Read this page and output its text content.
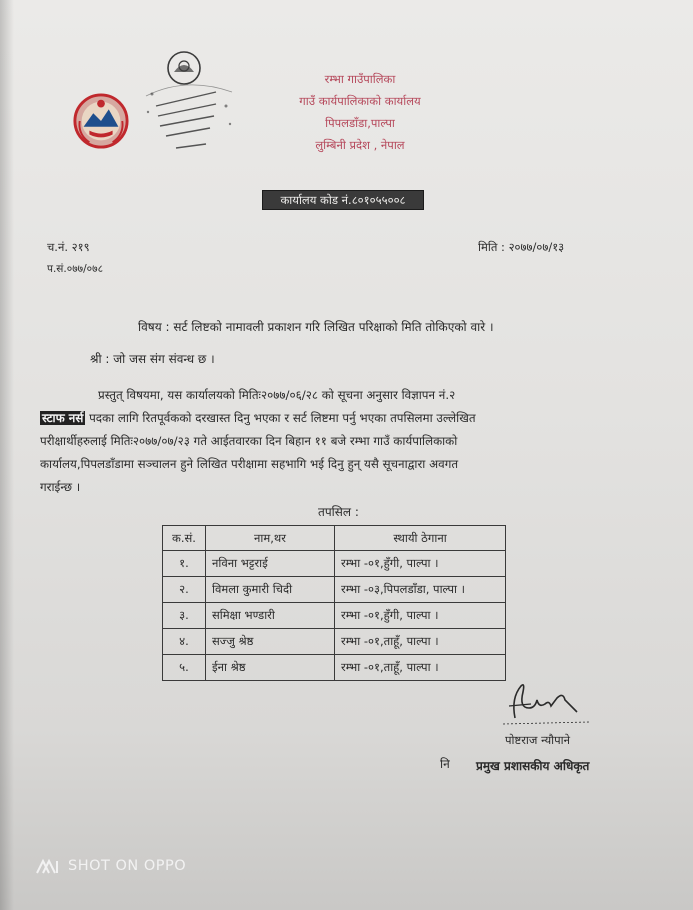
रम्भा गाउँपालिका
गाउँ कार्यपालिकाको कार्यालय
पिपलडाँडा,पाल्पा
लुम्बिनी प्रदेश , नेपाल
कार्यालय कोड नं.८०१०५५००८
च.नं. २१९
प.सं.०७७/०७८
मिति : २०७७/०७/१३
विषय : सर्ट लिष्टको नामावली प्रकाशन गरि लिखित परिक्षाको मिति तोकिएको वारे ।
श्री : जो जस संग संवन्ध छ ।
प्रस्तुत् विषयमा, यस कार्यालयको मितिः२०७७/०६/२८ को सूचना अनुसार विज्ञापन नं.२
स्टाफ नर्स पदका लागि रितपूर्वकको दरखास्त दिनु भएका र सर्ट लिष्टमा पर्नु भएका तपसिलमा उल्लेखित
परीक्षार्थीहरुलाई मितिः२०७७/०७/२३ गते आईतवारका दिन बिहान ११ बजे रम्भा गाउँ कार्यपालिकाको
कार्यालय,पिपलडाँडामा सञ्चालन हुने लिखित परीक्षामा सहभागि भई दिनु हुन् यसै सूचनाद्वारा अवगत
गराईन्छ ।
तपसिल :
क.सं.	नाम,थर	स्थायी ठेगाना
१.	नविना भट्टराई	रम्भा -०१,हुँगी, पाल्पा ।
२.	विमला कुमारी चिदी	रम्भा -०३,पिपलडाँडा, पाल्पा ।
३.	समिक्षा भण्डारी	रम्भा -०१,हुँगी, पाल्पा ।
४.	सज्जु श्रेष्ठ	रम्भा -०१,ताहूँ, पाल्पा ।
५.	ईना श्रेष्ठ	रम्भा -०१,ताहूँ, पाल्पा ।
पोष्टराज न्यौपाने
नि प्रमुख प्रशासकीय अधिकृत
SHOT ON OPPO
